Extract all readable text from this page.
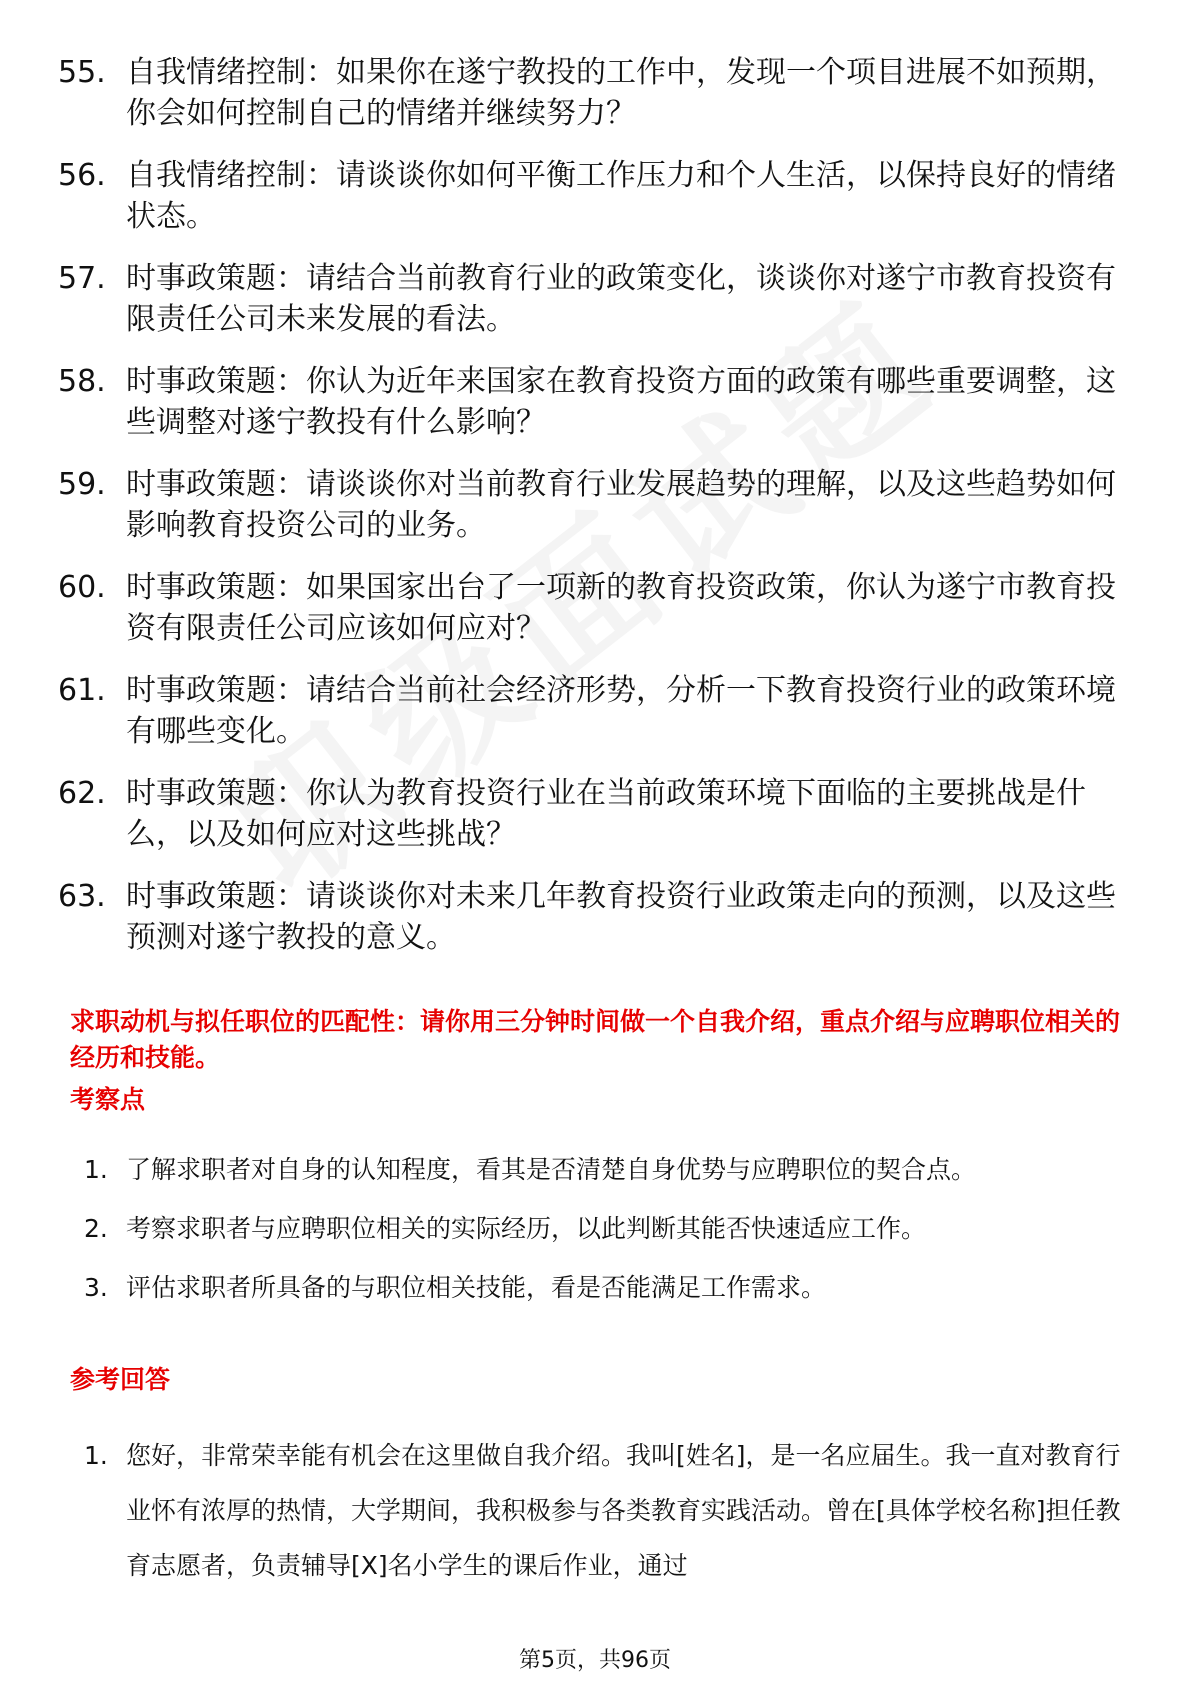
55. 自我情绪控制：如果你在遂宁教投的工作中，发现一个项目进展不如预期，你会如何控制自己的情绪并继续努力？
56. 自我情绪控制：请谈谈你如何平衡工作压力和个人生活，以保持良好的情绪状态。
57. 时事政策题：请结合当前教育行业的政策变化，谈谈你对遂宁市教育投资有限责任公司未来发展的看法。
58. 时事政策题：你认为近年来国家在教育投资方面的政策有哪些重要调整，这些调整对遂宁教投有什么影响？
59. 时事政策题：请谈谈你对当前教育行业发展趋势的理解，以及这些趋势如何影响教育投资公司的业务。
60. 时事政策题：如果国家出台了一项新的教育投资政策，你认为遂宁市教育投资有限责任公司应该如何应对？
61. 时事政策题：请结合当前社会经济形势，分析一下教育投资行业的政策环境有哪些变化。
62. 时事政策题：你认为教育投资行业在当前政策环境下面临的主要挑战是什么，以及如何应对这些挑战？
63. 时事政策题：请谈谈你对未来几年教育投资行业政策走向的预测，以及这些预测对遂宁教投的意义。
求职动机与拟任职位的匹配性：请你用三分钟时间做一个自我介绍，重点介绍与应聘职位相关的经历和技能。
考察点
1. 了解求职者对自身的认知程度，看其是否清楚自身优势与应聘职位的契合点。
2. 考察求职者与应聘职位相关的实际经历，以此判断其能否快速适应工作。
3. 评估求职者所具备的与职位相关技能，看是否能满足工作需求。
参考回答
1. 您好，非常荣幸能有机会在这里做自我介绍。我叫[姓名]，是一名应届生。我一直对教育行业怀有浓厚的热情，大学期间，我积极参与各类教育实践活动。曾在[具体学校名称]担任教育志愿者，负责辅导[X]名小学生的课后作业，通过
第5页，共96页
